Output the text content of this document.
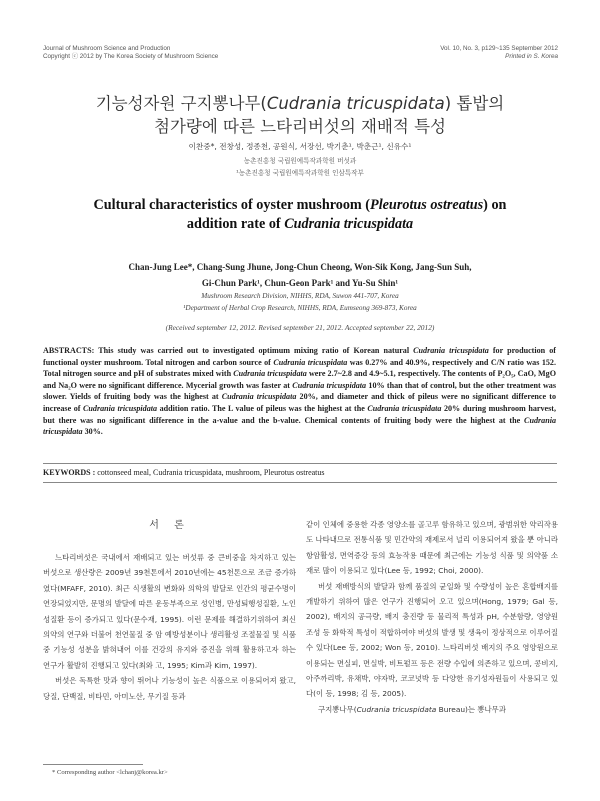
Journal of Mushroom Science and Production
Copyright ⓒ 2012 by The Korea Society of Mushroom Science
Vol. 10, No. 3, p129~135 September 2012
Printed in S. Korea
기능성자원 구지뽕나무(Cudrania tricuspidata) 톱밥의
첨가량에 따른 느타리버섯의 재배적 특성
이찬중*, 전창성, 정종천, 공원식, 서장선, 박기춘¹, 박춘근¹, 신유수¹
농촌진흥청 국립원예특작과학원 버섯과
¹농촌진흥청 국립원예특작과학원 인삼특작부
Cultural characteristics of oyster mushroom (Pleurotus ostreatus) on
addition rate of Cudrania tricuspidata
Chan-Jung Lee*, Chang-Sung Jhune, Jong-Chun Cheong, Won-Sik Kong, Jang-Sun Suh,
Gi-Chun Park¹, Chun-Geon Park¹ and Yu-Su Shin¹
Mushroom Research Division, NIHHS, RDA, Suwon 441-707, Korea
¹Department of Herbal Crop Research, NIHHS, RDA, Eumseong 369-873, Korea
(Received september 12, 2012. Revised september 21, 2012. Accepted september 22, 2012)
ABSTRACTS: This study was carried out to investigated optimum mixing ratio of Korean natural Cudrania tricuspidata for production of functional oyster mushroom. Total nitrogen and carbon source of Cudrania tricuspidata was 0.27% and 40.9%, respectively and C/N ratio was 152. Total nitrogen source and pH of substrates mixed with Cudrania tricuspidata were 2.7~2.8 and 4.9~5.1, respectively. The contents of P₂O₅, CaO, MgO and Na₂O were no significant difference. Mycerial growth was faster at Cudrania tricuspidata 10% than that of control, but the other treatment was slower. Yields of fruiting body was the highest at Cudrania tricuspidata 20%, and diameter and thick of pileus were no significant difference to increase of Cudrania tricuspidata addition ratio. The L value of pileus was the highest at the Cudrania tricuspidata 20% during mushroom harvest, but there was no significant difference in the a-value and the b-value. Chemical contents of fruiting body were the highest at the Cudrania tricuspidata 30%.
KEYWORDS : cottonseed meal, Cudrania tricuspidata, mushroom, Pleurotus ostreatus
서 론

느타리버섯은 국내에서 재배되고 있는 버섯류 중 큰비중을 차지하고 있는 버섯으로 생산량은 2009년 39천톤에서 2010년에는 45천톤으로 조금 증가하였다(MFAFF, 2010). 최근 식생활의 변화와 의학의 발달로 인간의 평균수명이 연장되었지만, 문명의 발달에 따른 운동부족으로 성인병, 만성퇴행성질환, 노인성질환 등이 증가되고 있다(문수재, 1995). 이런 문제를 해결하기위하여 최신 의약의 연구와 더불어 천연물질 중 암 예방성분이나 생리활성 조절물질 및 식품 중 기능성 성분을 밝혀내어 이를 건강의 유지와 증진을 위해 활용하고자 하는 연구가 활발히 진행되고 있다(최와 고, 1995; Kim과 Kim, 1997).

버섯은 독특한 맛과 향이 뛰어나 기능성이 높은 식품으로 이용되어져 왔고, 당질, 단백질, 비타민, 아미노산, 무기질 등과

같이 인체에 중용한 각종 영양소를 골고루 함유하고 있으며, 광범위한 약리작용도 나타내므로 전통식품 및 민간약의 재제로서 널리 이용되어져 왔을 뿐 아니라 항암활성, 면역증강 등의 효능작용 때문에 최근에는 기능성 식품 및 의약품 소재로 많이 이용되고 있다(Lee 등, 1992; Choi, 2000).

버섯 재배방식의 발달과 함께 품질의 균일화 및 수량성이 높은 혼합배지를 개발하기 위하여 많은 연구가 진행되어 오고 있으며(Hong, 1979; Gal 등, 2002), 배지의 공극량, 배지 충진량 등 물리적 특성과 pH, 수분함량, 영양원 조성 등 화학적 특성이 적합하여야 버섯의 발생 및 생육이 정상적으로 이루어질 수 있다(Lee 등, 2002; Won 등, 2010). 느타리버섯 배지의 주요 영양원으로 이용되는 면실피, 면실박, 비트펄프 등은 전량 수입에 의존하고 있으며, 콩비지, 아주까리박, 유채박, 야자박, 코코넛박 등 다양한 유기성자원들이 사용되고 있다(이 등, 1998; 김 등, 2005).

구지뽕나무(Cudrania tricuspidata Bureau)는 뽕나무과

* Corresponding author <lchanj@korea.kr>
